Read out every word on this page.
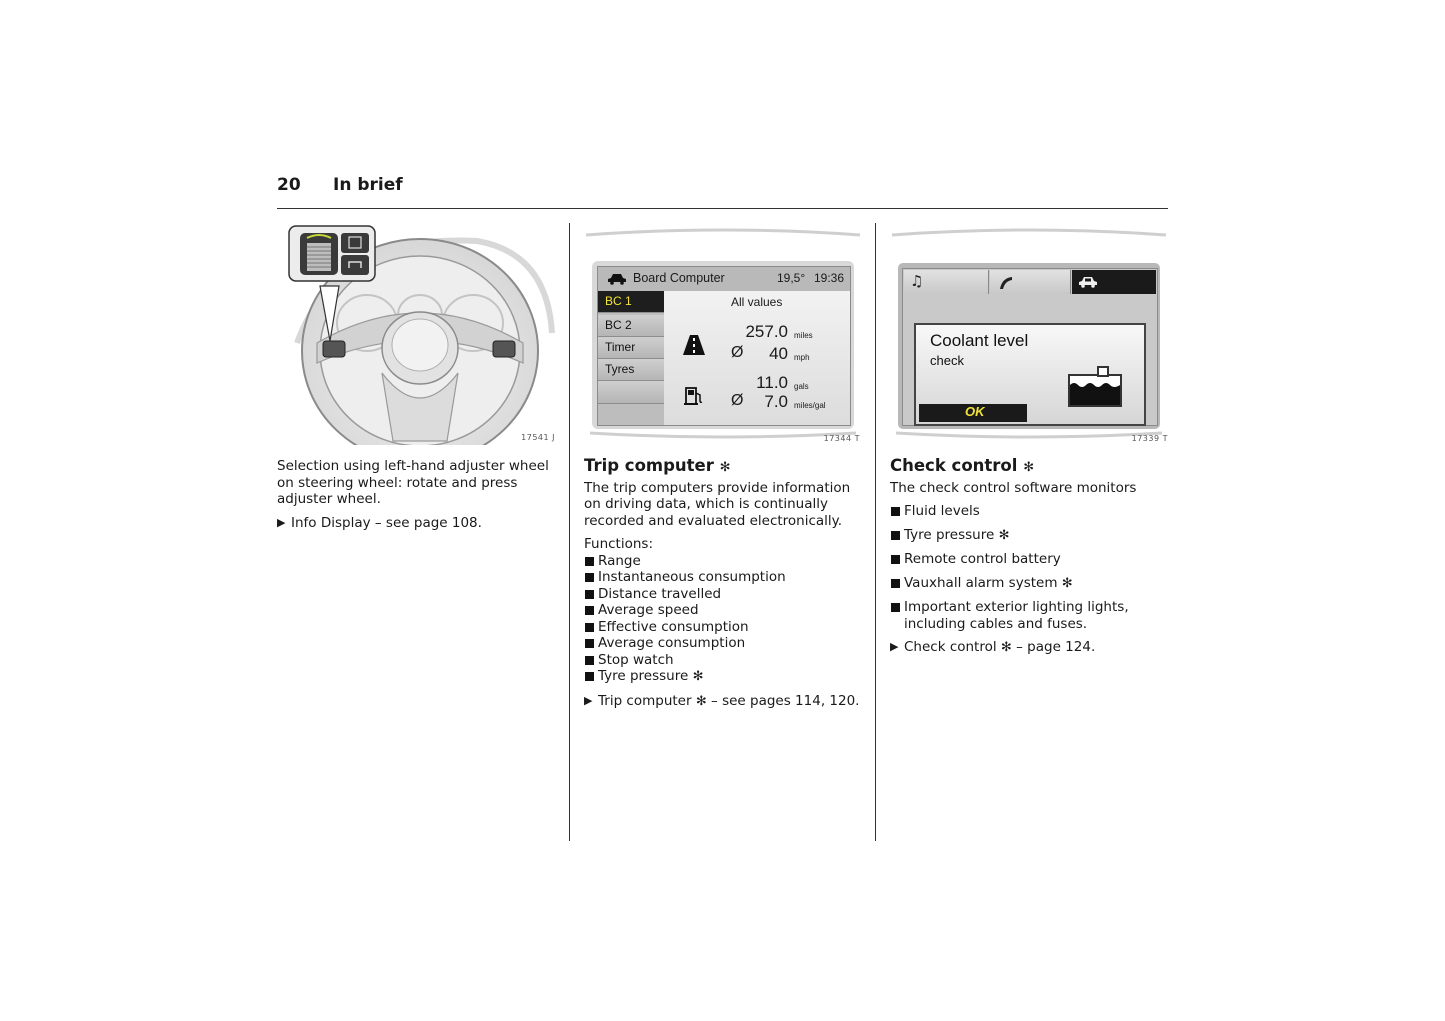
20 In brief
17541 J
Board Computer	19,5° 19:36
BC 1
BC 2
Timer
Tyres
All values
257.0 miles
Ø	40 mph
11.0 gals
Ø	7.0 miles/gal
17344 T
♫
Coolant level
check
OK
17339 T

Selection using left-hand adjuster wheel on steering wheel: rotate and press adjuster wheel.

▶ Info Display – see page 108.
Trip computer ✻

The trip computers provide information on driving data, which is continually recorded and evaluated electronically.

Functions:
Range
Instantaneous consumption
Distance travelled
Average speed
Effective consumption
Average consumption
Stop watch
Tyre pressure ✻
▶ Trip computer ✻ – see pages 114, 120.
Check control ✻

The check control software monitors

Fluid levels
Tyre pressure ✻
Remote control battery
Vauxhall alarm system ✻
Important exterior lighting lights, including cables and fuses.
▶ Check control ✻ – page 124.
